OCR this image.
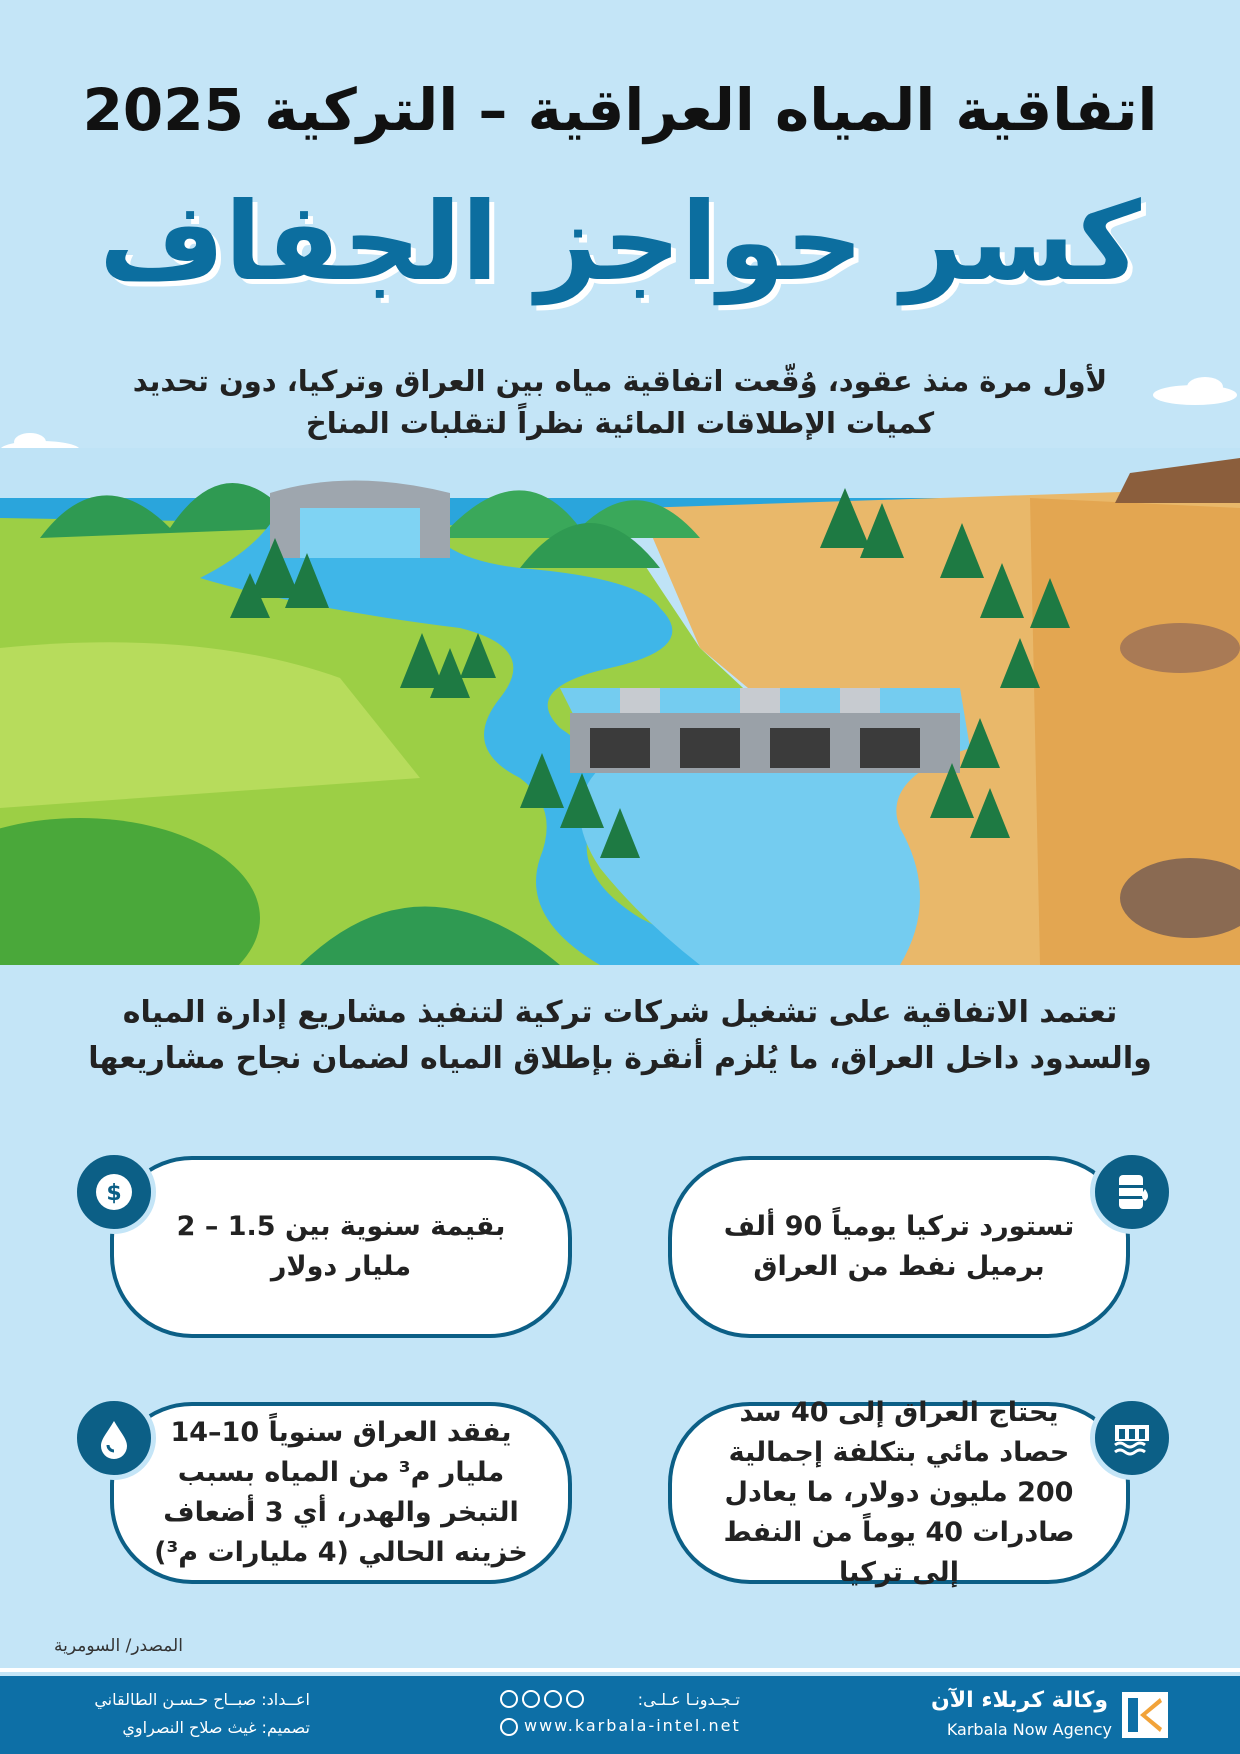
اتفاقية المياه العراقية – التركية 2025
كسر حواجز الجفاف
لأول مرة منذ عقود، وُقّعت اتفاقية مياه بين العراق وتركيا، دون تحديد كميات الإطلاقات المائية نظراً لتقلبات المناخ
تعتمد الاتفاقية على تشغيل شركات تركية لتنفيذ مشاريع إدارة المياه والسدود داخل العراق، ما يُلزم أنقرة بإطلاق المياه لضمان نجاح مشاريعها
تستورد تركيا يومياً 90 ألف برميل نفط من العراق
بقيمة سنوية بين 1.5 – 2 مليار دولار
$
يحتاج العراق إلى 40 سد حصاد مائي بتكلفة إجمالية 200 مليون دولار، ما يعادل صادرات 40 يوماً من النفط إلى تركيا
يفقد العراق سنوياً 10–14 مليار م³ من المياه بسبب التبخر والهدر، أي 3 أضعاف خزينه الحالي (4 مليارات م³)
المصدر/ السومرية
اعــداد: صبــاح حـسـن الطالقاني
تصميم: غيث صلاح النصراوي
تـجـدونـا عـلـى:
www.karbala-intel.net
وكالة كربلاء الآن
Karbala Now Agency
